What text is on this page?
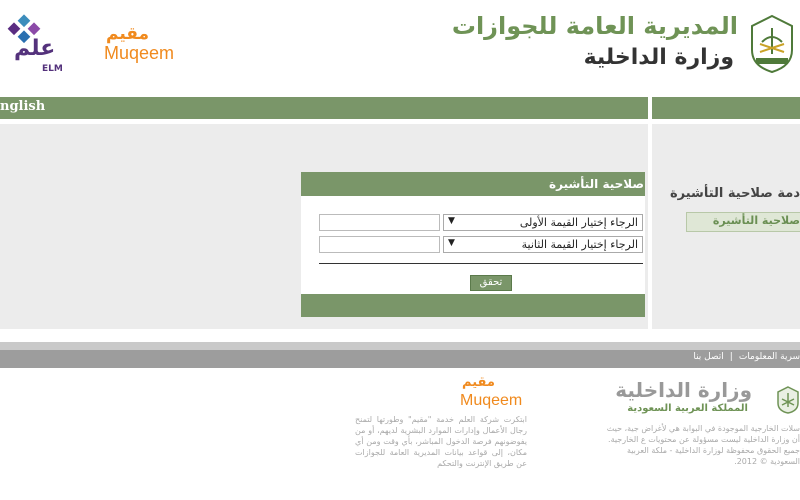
علم
ELM
مقيم
Muqeem
المديرية العامة للجوازات
وزارة الداخلية
nglish
دمة صلاحية التأشيرة
صلاحية التأشيرة
صلاحية التأشيرة
▼	الرجاء إختيار القيمة الأولى
▼	الرجاء إختيار القيمة الثانية
تحقق
سرية المعلومات|اتصل بنا
وزارة الداخلية
المملكة العربية السعودية
سلات الخارجية الموجودة في البوابة هي لأغراض جية، حيث أن وزارة الداخلية ليست مسؤولة عن محتويات ع الخارجية. جميع الحقوق محفوظة لوزارة الداخلية - ملكة العربية السعودية © 2012.
مقيم
Muqeem
ابتكرت شركة العلم خدمة "مقيم" وطورتها لتمنح رجال الأعمال وإدارات الموارد البشرية لديهم، أو من يفوضونهم فرصة الدخول المباشر، بأي وقت ومن أي مكان، إلى قواعد بيانات المديرية العامة للجوازات عن طريق الإنترنت والتحكم
